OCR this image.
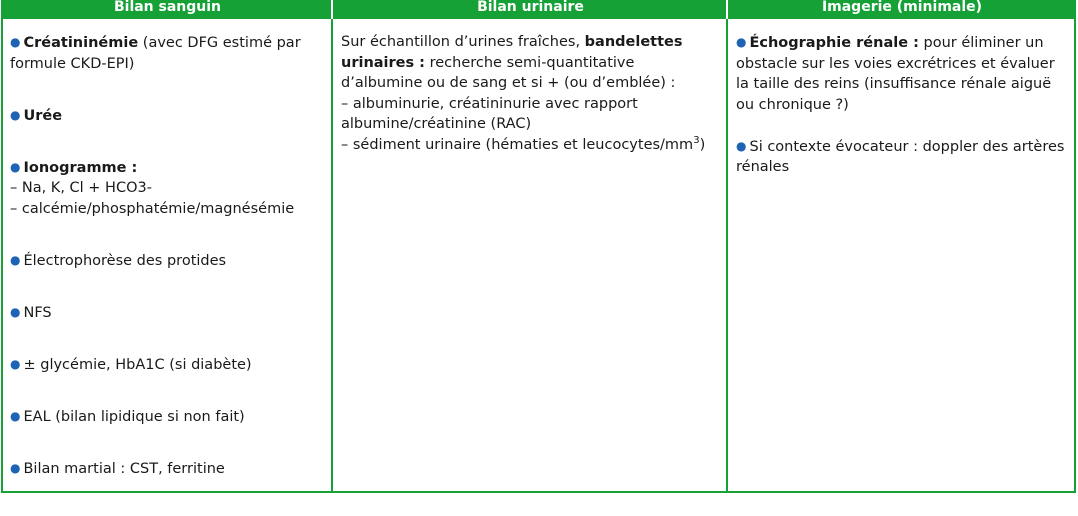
Bilan sanguin	Bilan urinaire	Imagerie (minimale)
● Créatininémie (avec DFG estimé par formule CKD-EPI)
● Urée
● Ionogramme :
– Na, K, Cl + HCO3-
– calcémie/phosphatémie/magnésémie
● Électrophorèse des protides
● NFS
● ± glycémie, HbA1C (si diabète)
● EAL (bilan lipidique si non fait)
● Bilan martial : CST, ferritine
Sur échantillon d’urines fraîches, bandelettes urinaires : recherche semi-quantitative d’albumine ou de sang et si + (ou d’emblée) :
– albuminurie, créatininurie avec rapport albumine/créatinine (RAC)
– sédiment urinaire (hématies et leucocytes/$mm^3$)
● Échographie rénale : pour éliminer un obstacle sur les voies excrétrices et évaluer la taille des reins (insuffisance rénale aiguë ou chronique ?)
● Si contexte évocateur : doppler des artères rénales
